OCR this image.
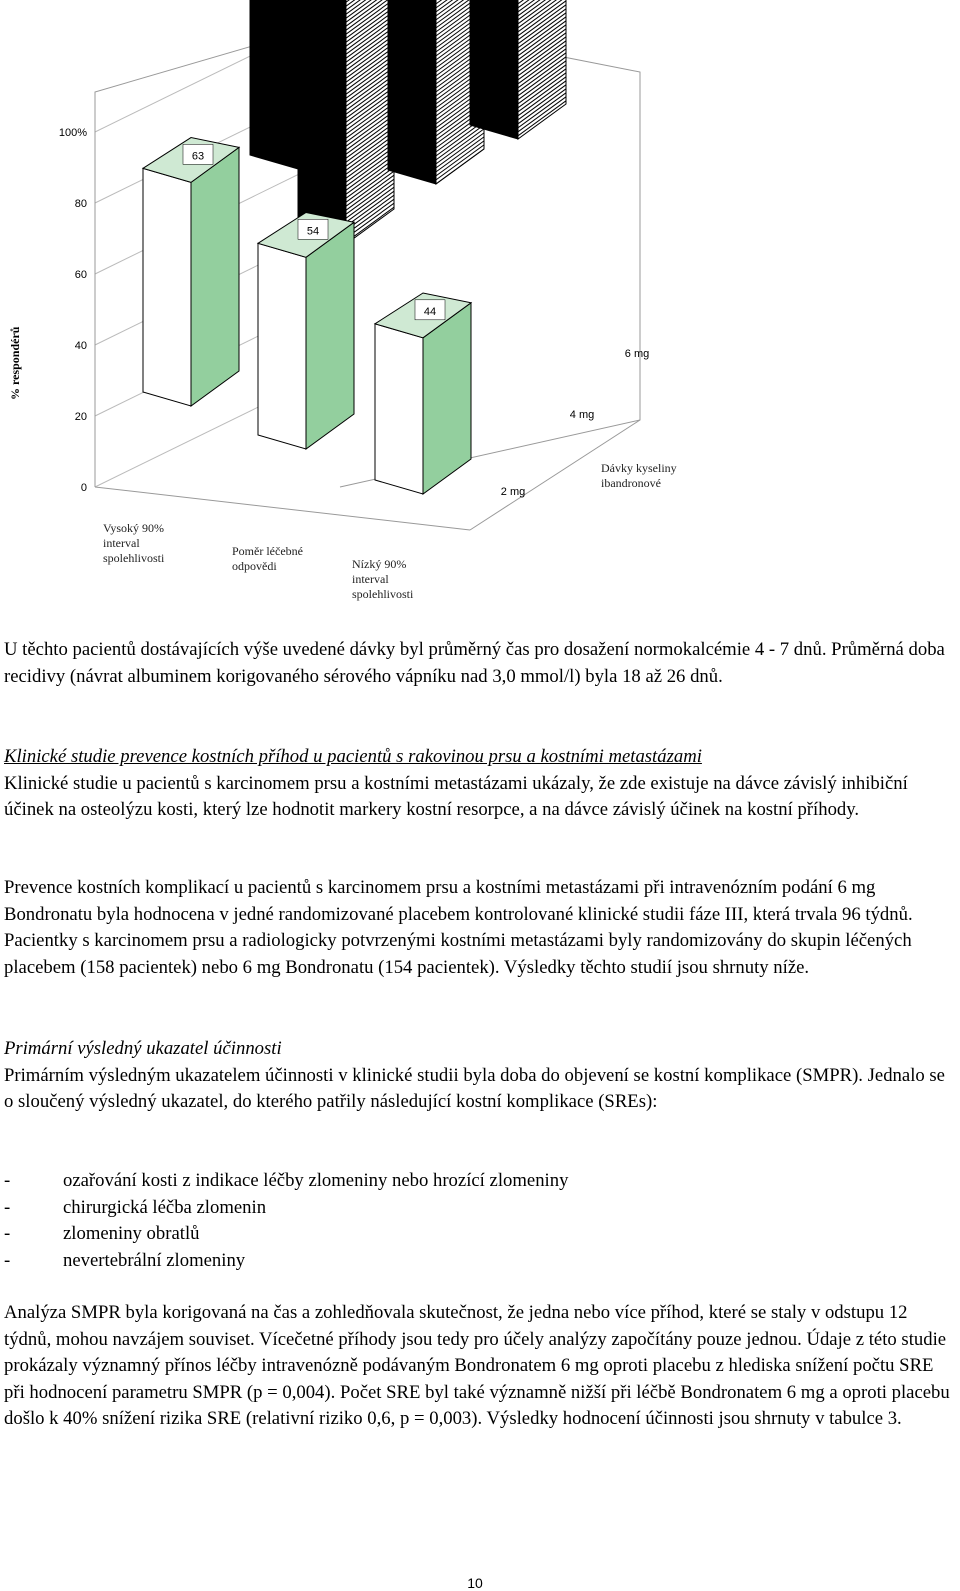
0
20
40
60
80
100%
2 mg
4 mg
6 mg
63
54
44
% respondérů
Dávky kyseliny ibandronové
Vysoký 90% interval spolehlivosti	Poměr léčebné odpovědi	Nízký 90% interval spolehlivosti

U těchto pacientů dostávajících výše uvedené dávky byl průměrný čas pro dosažení normokalcémie 4 - 7 dnů. Průměrná doba recidivy (návrat albuminem korigovaného sérového vápníku nad 3,0 mmol/l) byla 18 až 26 dnů.

Klinické studie prevence kostních příhod u pacientů s rakovinou prsu a kostními metastázami

Klinické studie u pacientů s karcinomem prsu a kostními metastázami ukázaly, že zde existuje na dávce závislý inhibiční účinek na osteolýzu kosti, který lze hodnotit markery kostní resorpce, a na dávce závislý účinek na kostní příhody.

Prevence kostních komplikací u pacientů s karcinomem prsu a kostními metastázami při intravenózním podání 6 mg Bondronatu byla hodnocena v jedné randomizované placebem kontrolované klinické studii fáze III, která trvala 96 týdnů. Pacientky s karcinomem prsu a radiologicky potvrzenými kostními metastázami byly randomizovány do skupin léčených placebem (158 pacientek) nebo 6 mg Bondronatu (154 pacientek). Výsledky těchto studií jsou shrnuty níže.

Primární výsledný ukazatel účinnosti

Primárním výsledným ukazatelem účinnosti v klinické studii byla doba do objevení se kostní komplikace (SMPR). Jednalo se o sloučený výsledný ukazatel, do kterého patřily následující kostní komplikace (SREs):

-	ozařování kosti z indikace léčby zlomeniny nebo hrozící zlomeniny
-	chirurgická léčba zlomenin
-	zlomeniny obratlů
-	nevertebrální zlomeniny

Analýza SMPR byla korigovaná na čas a zohledňovala skutečnost, že jedna nebo více příhod, které se staly v odstupu 12 týdnů, mohou navzájem souviset. Vícečetné příhody jsou tedy pro účely analýzy započítány pouze jednou. Údaje z této studie prokázaly významný přínos léčby intravenózně podávaným Bondronatem 6 mg oproti placebu z hlediska snížení počtu SRE při hodnocení parametru SMPR (p = 0,004). Počet SRE byl také významně nižší při léčbě Bondronatem 6 mg a oproti placebu došlo k 40% snížení rizika SRE (relativní riziko 0,6, p = 0,003). Výsledky hodnocení účinnosti jsou shrnuty v tabulce 3.

10
